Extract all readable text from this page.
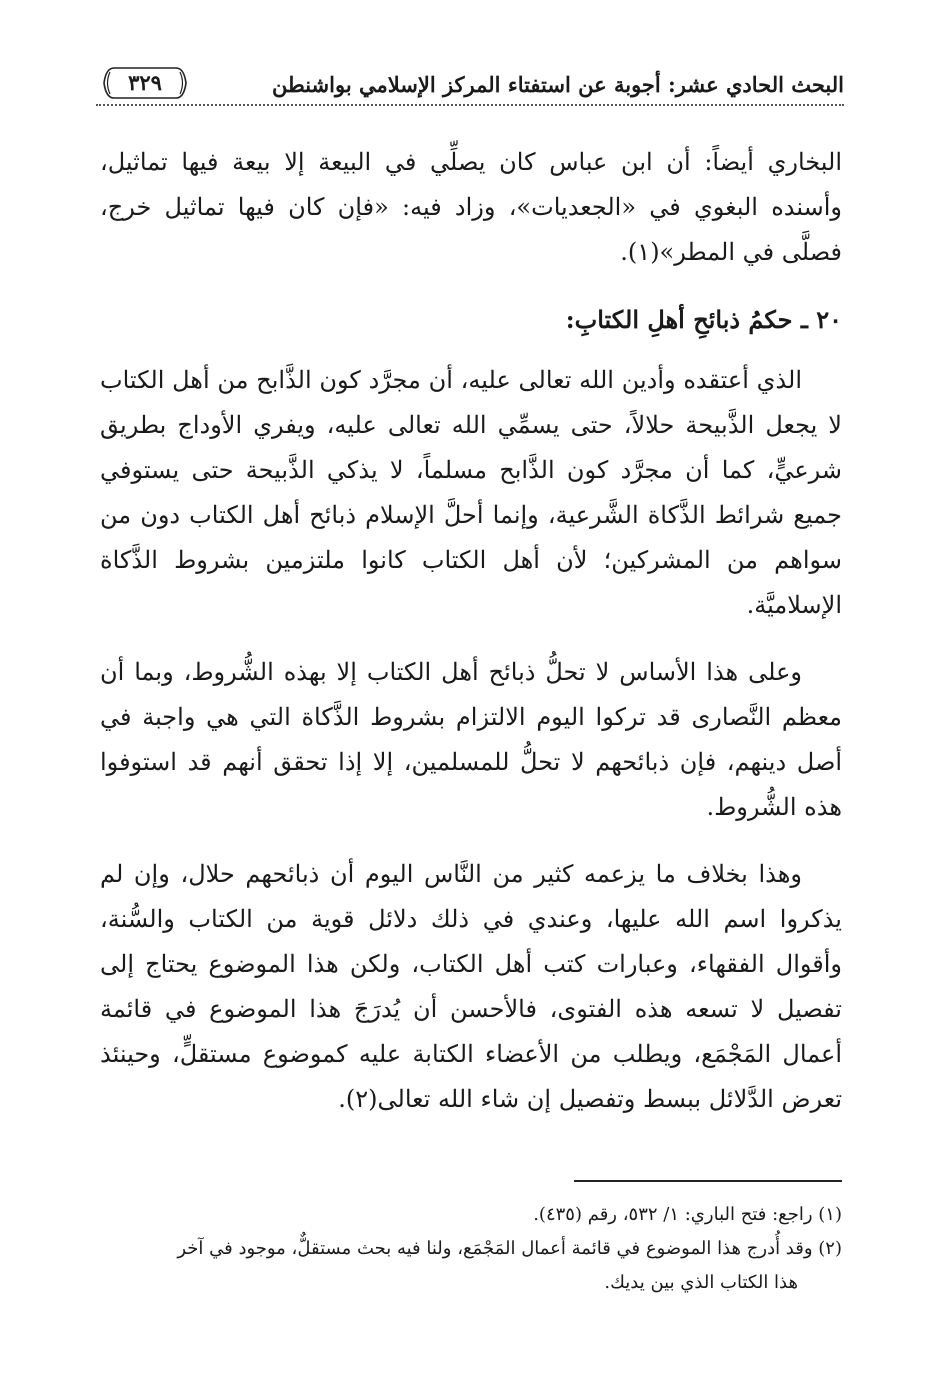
البحث الحادي عشر: أجوبة عن استفتاء المركز الإسلامي بواشنطن
٣٢٩

البخاري أيضاً: أن ابن عباس كان يصلِّي في البيعة إلا بيعة فيها تماثيل، وأسنده البغوي في «الجعديات»، وزاد فيه: «فإن كان فيها تماثيل خرج، فصلَّى في المطر»(١).

٢٠ ـ حكمُ ذبائحِ أهلِ الكتابِ:

الذي أعتقده وأدين الله تعالى عليه، أن مجرَّد كون الذَّابح من أهل الكتاب لا يجعل الذَّبيحة حلالاً، حتى يسمِّي الله تعالى عليه، ويفري الأوداج بطريق شرعيٍّ، كما أن مجرَّد كون الذَّابح مسلماً، لا يذكي الذَّبيحة حتى يستوفي جميع شرائط الذَّكاة الشَّرعية، وإنما أحلَّ الإسلام ذبائح أهل الكتاب دون من سواهم من المشركين؛ لأن أهل الكتاب كانوا ملتزمين بشروط الذَّكاة الإسلاميَّة.

وعلى هذا الأساس لا تحلُّ ذبائح أهل الكتاب إلا بهذه الشُّروط، وبما أن معظم النَّصارى قد تركوا اليوم الالتزام بشروط الذَّكاة التي هي واجبة في أصل دينهم، فإن ذبائحهم لا تحلُّ للمسلمين، إلا إذا تحقق أنهم قد استوفوا هذه الشُّروط.

وهذا بخلاف ما يزعمه كثير من النَّاس اليوم أن ذبائحهم حلال، وإن لم يذكروا اسم الله عليها، وعندي في ذلك دلائل قوية من الكتاب والسُّنة، وأقوال الفقهاء، وعبارات كتب أهل الكتاب، ولكن هذا الموضوع يحتاج إلى تفصيل لا تسعه هذه الفتوى، فالأحسن أن يُدرَجَ هذا الموضوع في قائمة أعمال المَجْمَع، ويطلب من الأعضاء الكتابة عليه كموضوع مستقلٍّ، وحينئذ تعرض الدَّلائل ببسط وتفصيل إن شاء الله تعالى(٢).

(١) راجع: فتح الباري: ١/ ٥٣٢، رقم (٤٣٥).

(٢) وقد أُدرج هذا الموضوع في قائمة أعمال المَجْمَع، ولنا فيه بحث مستقلٌّ، موجود في آخر

هذا الكتاب الذي بين يديك.
